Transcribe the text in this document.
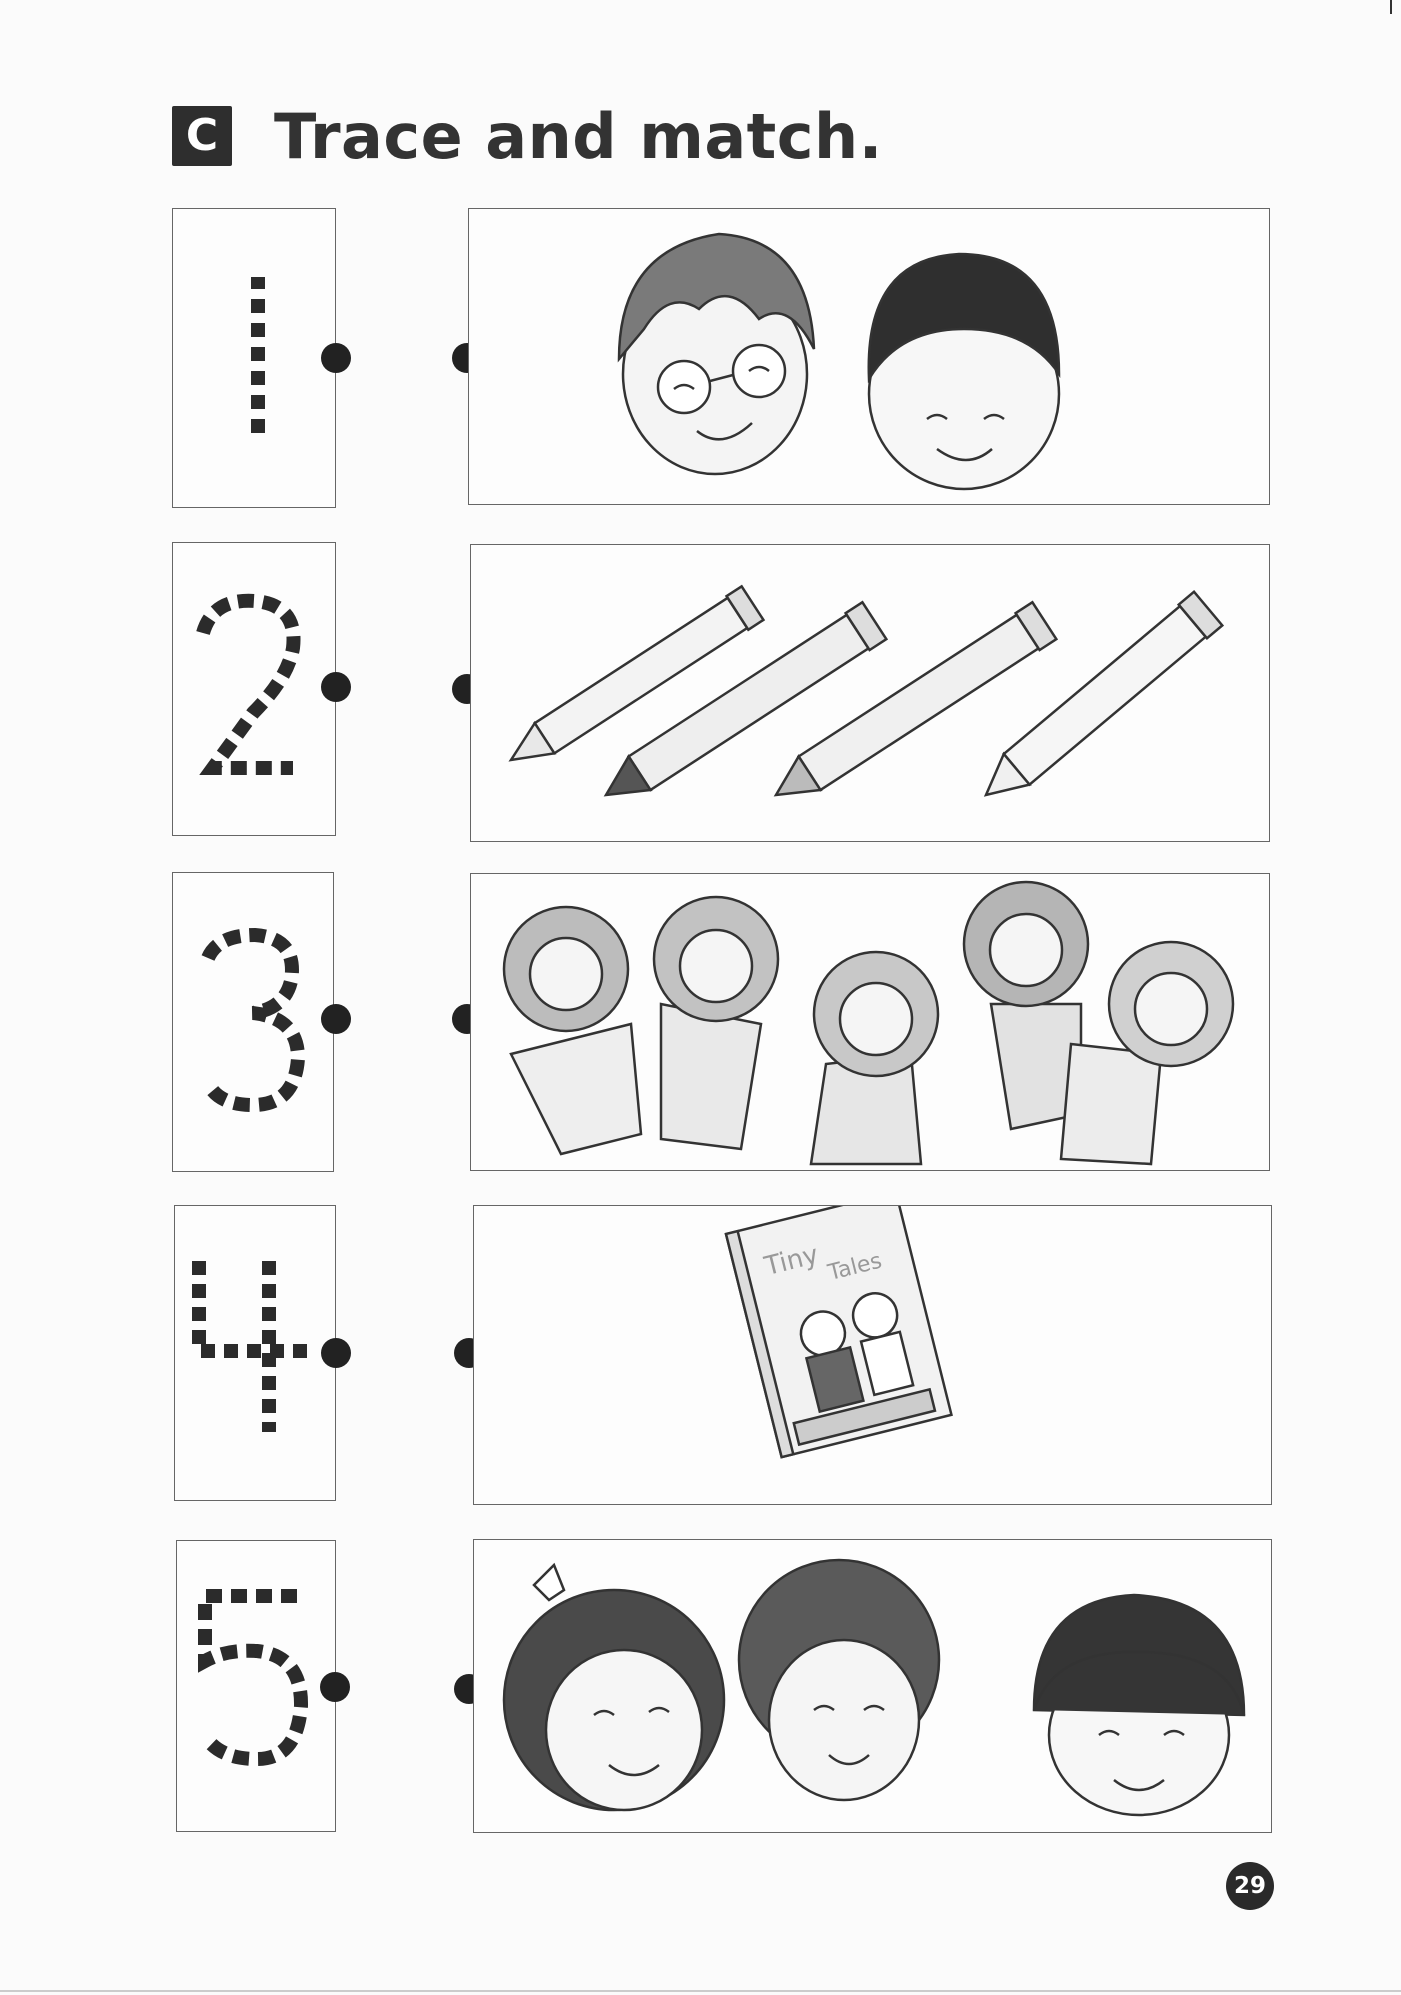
C Trace and match.
Tiny Tales
29
